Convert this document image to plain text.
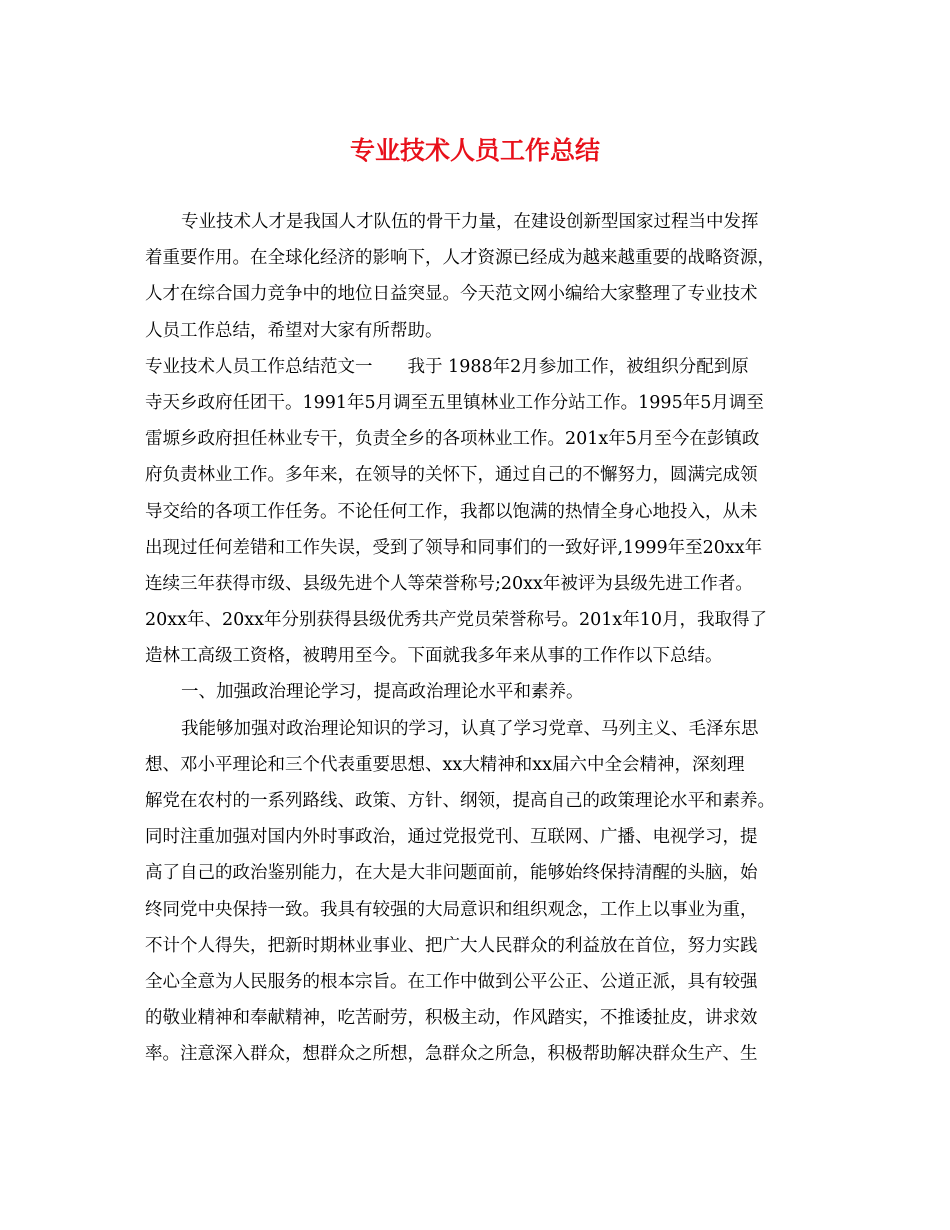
专业技术人员工作总结
专业技术人才是我国人才队伍的骨干力量，在建设创新型国家过程当中发挥
着重要作用。在全球化经济的影响下，人才资源已经成为越来越重要的战略资源，
人才在综合国力竞争中的地位日益突显。今天范文网小编给大家整理了专业技术
人员工作总结，希望对大家有所帮助。
专业技术人员工作总结范文一　　我于 1988年2月参加工作，被组织分配到原
寺天乡政府任团干。1991年5月调至五里镇林业工作分站工作。1995年5月调至
雷塬乡政府担任林业专干，负责全乡的各项林业工作。201x年5月至今在彭镇政
府负责林业工作。多年来，在领导的关怀下，通过自己的不懈努力，圆满完成领
导交给的各项工作任务。不论任何工作，我都以饱满的热情全身心地投入，从未
出现过任何差错和工作失误，受到了领导和同事们的一致好评,1999年至20xx年
连续三年获得市级、县级先进个人等荣誉称号;20xx年被评为县级先进工作者。
20xx年、20xx年分别获得县级优秀共产党员荣誉称号。201x年10月，我取得了
造林工高级工资格，被聘用至今。下面就我多年来从事的工作作以下总结。
一、加强政治理论学习，提高政治理论水平和素养。
我能够加强对政治理论知识的学习，认真了学习党章、马列主义、毛泽东思
想、邓小平理论和三个代表重要思想、xx大精神和xx届六中全会精神，深刻理
解党在农村的一系列路线、政策、方针、纲领，提高自己的政策理论水平和素养。
同时注重加强对国内外时事政治，通过党报党刊、互联网、广播、电视学习，提
高了自己的政治鉴别能力，在大是大非问题面前，能够始终保持清醒的头脑，始
终同党中央保持一致。我具有较强的大局意识和组织观念，工作上以事业为重，
不计个人得失，把新时期林业事业、把广大人民群众的利益放在首位，努力实践
全心全意为人民服务的根本宗旨。在工作中做到公平公正、公道正派，具有较强
的敬业精神和奉献精神，吃苦耐劳，积极主动，作风踏实，不推诿扯皮，讲求效
率。注意深入群众，想群众之所想，急群众之所急，积极帮助解决群众生产、生
